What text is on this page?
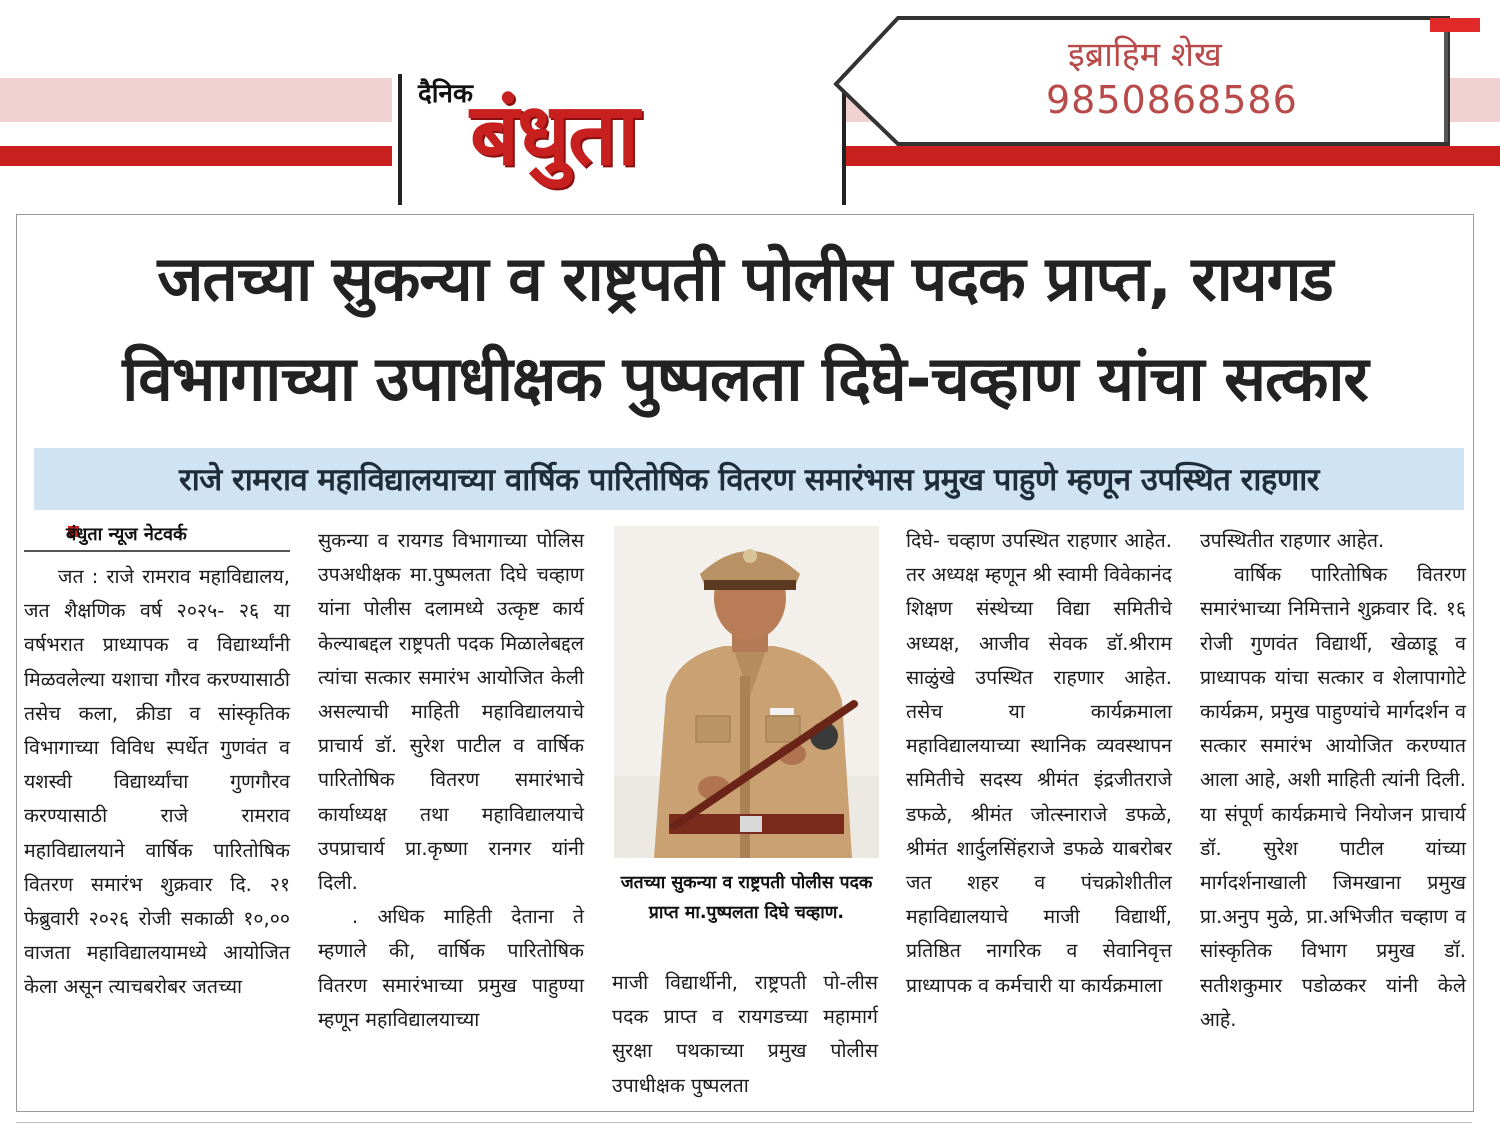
दैनिक
बंधुता
इब्राहिम शेख
9850868586
जतच्या सुकन्या व राष्ट्रपती पोलीस पदक प्राप्त, रायगड
विभागाच्या उपाधीक्षक पुष्पलता दिघे-चव्हाण यांचा सत्कार
राजे रामराव महाविद्यालयाच्या वार्षिक पारितोषिक वितरण समारंभास प्रमुख पाहुणे म्हणून उपस्थित राहणार
बंधुता न्यूज नेटवर्क
जत : राजे रामराव महाविद्यालय, जत शैक्षणिक वर्ष २०२५- २६ या वर्षभरात प्राध्यापक व विद्यार्थ्यांनी मिळवलेल्या यशाचा गौरव करण्यासाठी तसेच कला, क्रीडा व सांस्कृतिक विभागाच्या विविध स्पर्धेत गुणवंत व यशस्वी विद्यार्थ्यांचा गुणगौरव करण्यासाठी राजे रामराव महाविद्यालयाने वार्षिक पारितोषिक वितरण समारंभ शुक्रवार दि. २१ फेब्रुवारी २०२६ रोजी सकाळी १०,०० वाजता महाविद्यालयामध्ये आयोजित केला असून त्याचबरोबर जतच्या
सुकन्या व रायगड विभागाच्या पोलिस उपअधीक्षक मा.पुष्पलता दिघे चव्हाण यांना पोलीस दलामध्ये उत्कृष्ट कार्य केल्याबद्दल राष्ट्रपती पदक मिळालेबद्दल त्यांचा सत्कार समारंभ आयोजित केली असल्याची माहिती महाविद्यालयाचे प्राचार्य डॉ. सुरेश पाटील व वार्षिक पारितोषिक वितरण समारंभाचे कार्याध्यक्ष तथा महाविद्यालयाचे उपप्राचार्य प्रा.कृष्णा रानगर यांनी दिली.
. अधिक माहिती देताना ते म्हणाले की, वार्षिक पारितोषिक वितरण समारंभाच्या प्रमुख पाहुण्या म्हणून महाविद्यालयाच्या
जतच्या सुकन्या व राष्ट्रपती पोलीस पदक प्राप्त मा.पुष्पलता दिघे चव्हाण.
माजी विद्यार्थीनी, राष्ट्रपती पो-लीस पदक प्राप्त व रायगडच्या महामार्ग सुरक्षा पथकाच्या प्रमुख पोलीस उपाधीक्षक पुष्पलता
दिघे- चव्हाण उपस्थित राहणार आहेत. तर अध्यक्ष म्हणून श्री स्वामी विवेकानंद शिक्षण संस्थेच्या विद्या समितीचे अध्यक्ष, आजीव सेवक डॉ.श्रीराम साळुंखे उपस्थित राहणार आहेत. तसेच या कार्यक्रमाला महाविद्यालयाच्या स्थानिक व्यवस्थापन समितीचे सदस्य श्रीमंत इंद्रजीतराजे डफळे, श्रीमंत जोत्स्नाराजे डफळे, श्रीमंत शार्दुलसिंहराजे डफळे याबरोबर जत शहर व पंचक्रोशीतील महाविद्यालयाचे माजी विद्यार्थी, प्रतिष्ठित नागरिक व सेवानिवृत्त प्राध्यापक व कर्मचारी या कार्यक्रमाला
उपस्थितीत राहणार आहेत.
वार्षिक पारितोषिक वितरण समारंभाच्या निमित्ताने शुक्रवार दि. १६ रोजी गुणवंत विद्यार्थी, खेळाडू व प्राध्यापक यांचा सत्कार व शेलापागोटे कार्यक्रम, प्रमुख पाहुण्यांचे मार्गदर्शन व सत्कार समारंभ आयोजित करण्यात आला आहे, अशी माहिती त्यांनी दिली. या संपूर्ण कार्यक्रमाचे नियोजन प्राचार्य डॉ. सुरेश पाटील यांच्या मार्गदर्शनाखाली जिमखाना प्रमुख प्रा.अनुप मुळे, प्रा.अभिजीत चव्हाण व सांस्कृतिक विभाग प्रमुख डॉ. सतीशकुमार पडोळकर यांनी केले आहे.
